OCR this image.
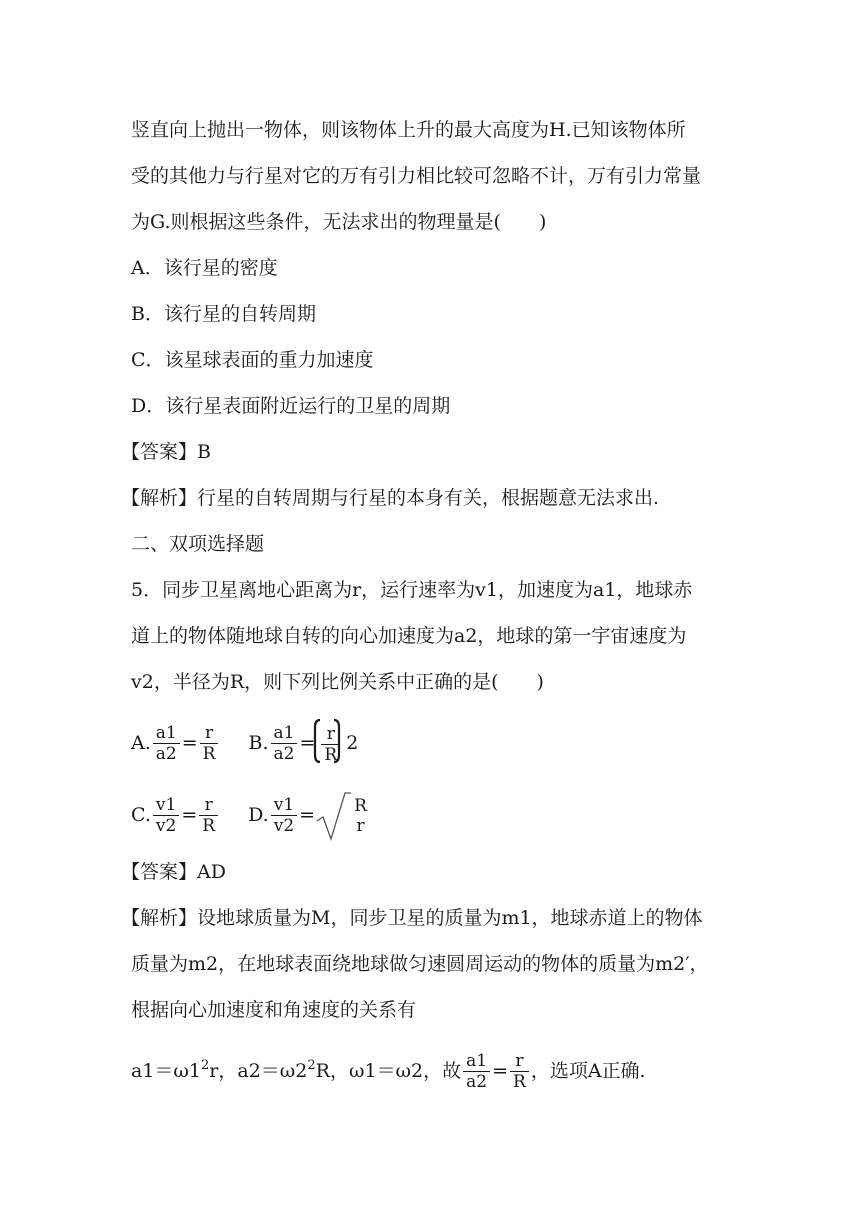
竖直向上抛出一物体，则该物体上升的最大高度为H.已知该物体所
受的其他力与行星对它的万有引力相比较可忽略不计，万有引力常量
为G.则根据这些条件，无法求出的物理量是(　　)
A．该行星的密度
B．该行星的自转周期
C．该星球表面的重力加速度
D．该行星表面附近运行的卫星的周期
【答案】B
【解析】行星的自转周期与行星的本身有关，根据题意无法求出.
二、双项选择题
5．同步卫星离地心距离为r，运行速率为v1，加速度为a1，地球赤
道上的物体随地球自转的向心加速度为a2，地球的第一宇宙速度为
v2，半径为R，则下列比例关系中正确的是(　　)
A. $\frac{a1}{a2} = \frac{r}{R} B$. $\frac{a1}{a2} = \frac{r}{R} 2$
C. $\frac{v1}{v2} = \frac{r}{R} D$. $\frac{v1}{v2} = R$
r
【答案】AD
【解析】设地球质量为M，同步卫星的质量为m1，地球赤道上的物体
质量为m2，在地球表面绕地球做匀速圆周运动的物体的质量为m2′，
根据向心加速度和角速度的关系有
$a1=\omega 1^2r$，$a2=\omega 2^2R$，ω1＝ω2，故 $\frac{a1}{a2} = \frac{r}{R}$ ，选项A正确.
